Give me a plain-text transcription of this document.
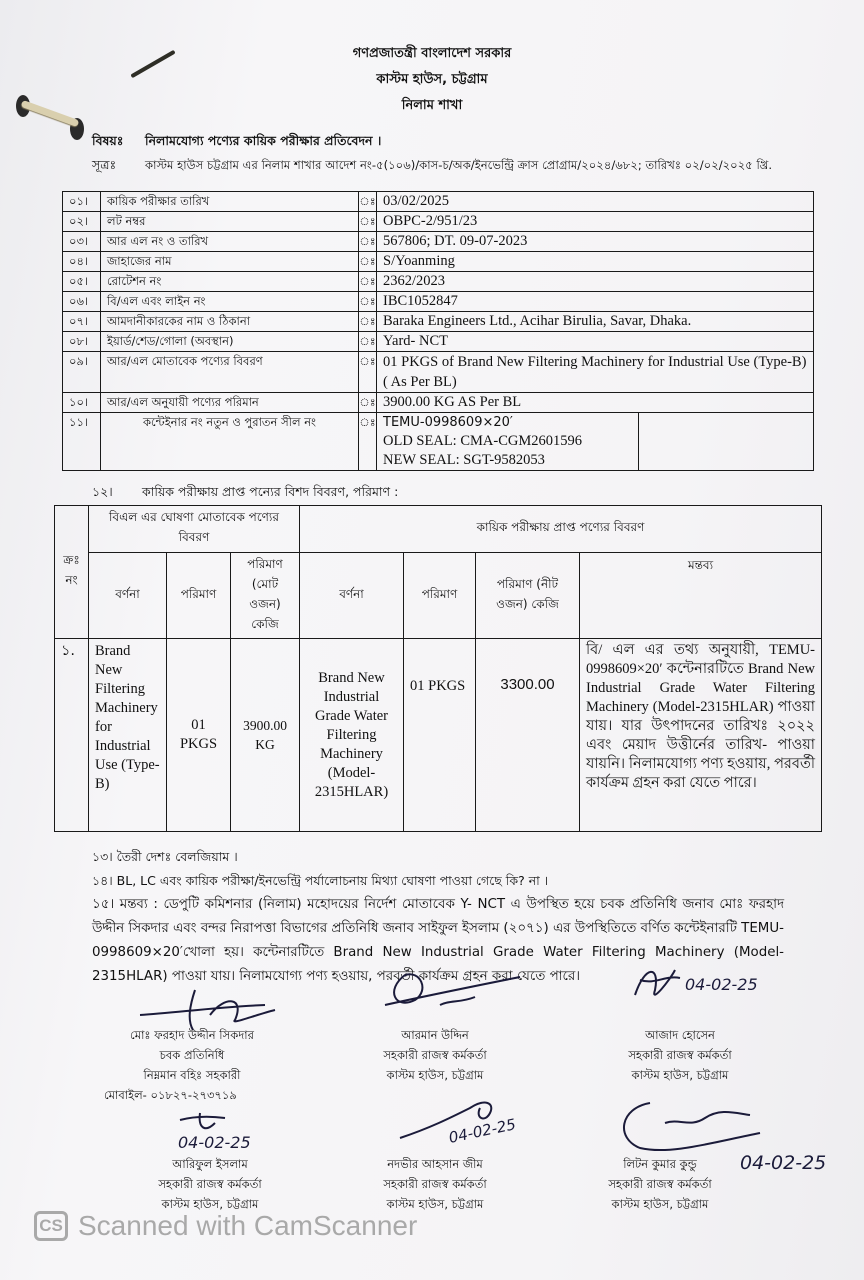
গণপ্রজাতন্ত্রী বাংলাদেশ সরকার
কাস্টম হাউস, চট্টগ্রাম
নিলাম শাখা
বিষয়ঃ নিলামযোগ্য পণ্যের কায়িক পরীক্ষার প্রতিবেদন ।
সূত্রঃ কাস্টম হাউস চট্টগ্রাম এর নিলাম শাখার আদেশ নং-৫(১০৬)/কাস-চ/অক/ইনভেন্ট্রি ক্রাস প্রোগ্রাম/২০২৪/৬৮২; তারিখঃ ০২/০২/২০২৫ খ্রি.
০১।	কায়িক পরীক্ষার তারিখ	ঃ	03/02/2025	
০২।	লট নম্বর	ঃ	OBPC-2/951/23	
০৩।	আর এল নং ও তারিখ	ঃ	567806; DT. 09-07-2023	
০৪।	জাহাজের নাম	ঃ	S/Yoanming	
০৫।	রোটেশন নং	ঃ	2362/2023	
০৬।	বি/এল এবং লাইন নং	ঃ	IBC1052847	
০৭।	আমদানীকারকের নাম ও ঠিকানা	ঃ	Baraka Engineers Ltd., Acihar Birulia, Savar, Dhaka.	
০৮।	ইয়ার্ড/শেড/গোলা (অবস্থান)	ঃ	Yard- NCT	
০৯।	আর/এল মোতাবেক পণ্যের বিবরণ	ঃ	01 PKGS of Brand New Filtering Machinery for Industrial Use (Type-B) ( As Per BL)	
১০।	আর/এল অনুযায়ী পণ্যের পরিমান	ঃ	3900.00 KG AS Per BL	
১১।	কন্টেইনার নং নতুন ও পুরাতন সীল নং	ঃ	TEMU-0998609×20′
OLD SEAL: CMA-CGM2601596
NEW SEAL: SGT-9582053	

১২। কায়িক পরীক্ষায় প্রাপ্ত পন্যের বিশদ বিবরণ, পরিমাণ :
ক্রঃ নং	বিএল এর ঘোষণা মোতাবেক পণ্যের বিবরণ			কায়িক পরীক্ষায় প্রাপ্ত পণ্যের বিবরণ			
	বর্ণনা	পরিমাণ	পরিমাণ (মোট ওজন) কেজি	বর্ণনা	পরিমাণ	পরিমাণ (নীট ওজন) কেজি	মন্তব্য
১.	Brand New Filtering Machinery for Industrial Use (Type-B)	01 PKGS	3900.00 KG	Brand New Industrial Grade Water Filtering Machinery (Model-2315HLAR)	01 PKGS	3300.00	বি/ এল এর তথ্য অনুযায়ী, TEMU-0998609×20′ কন্টেনারটিতে Brand New Industrial Grade Water Filtering Machinery (Model-2315HLAR) পাওয়া যায়। যার উৎপাদনের তারিখঃ ২০২২ এবং মেয়াদ উত্তীর্নের তারিখ- পাওয়া যায়নি। নিলামযোগ্য পণ্য হওয়ায়, পরবর্তী কার্যক্রম গ্রহন করা যেতে পারে।
১৩। তৈরী দেশঃ বেলজিয়াম ।
১৪। BL, LC এবং কায়িক পরীক্ষা/ইনভেন্ট্রি পর্যালোচনায় মিথ্যা ঘোষণা পাওয়া গেছে কি? না ।
১৫। মন্তব্য : ডেপুটি কমিশনার (নিলাম) মহোদয়ের নির্দেশ মোতাবেক Y- NCT এ উপস্থিত হয়ে চবক প্রতিনিধি জনাব মোঃ ফরহাদ উদ্দীন সিকদার এবং বন্দর নিরাপত্তা বিভাগের প্রতিনিধি জনাব সাইফুল ইসলাম (২০৭১) এর উপস্থিতিতে বর্ণিত কন্টেইনারটি TEMU-0998609×20′খোলা হয়। কন্টেনারটিতে Brand New Industrial Grade Water Filtering Machinery (Model-2315HLAR) পাওয়া যায়। নিলামযোগ্য পণ্য হওয়ায়, পরবর্তী কার্যক্রম গ্রহন করা যেতে পারে।	04-02-25
04-02-25	04-02-25
মোঃ ফরহাদ উদ্দীন সিকদার
চবক প্রতিনিধি
নিম্নমান বহিঃ সহকারী
মোবাইল- ০১৮২৭-২৭৩৭১৯
আরমান উদ্দিন
সহকারী রাজস্ব কর্মকর্তা
কাস্টম হাউস, চট্টগ্রাম
আজাদ হোসেন
সহকারী রাজস্ব কর্মকর্তা
কাস্টম হাউস, চট্টগ্রাম
আরিফুল ইসলাম
সহকারী রাজস্ব কর্মকর্তা
কাস্টম হাউস, চট্টগ্রাম
নদভীর আহসান জীম
সহকারী রাজস্ব কর্মকর্তা
কাস্টম হাউস, চট্টগ্রাম
লিটন কুমার কুন্ডু
সহকারী রাজস্ব কর্মকর্তা
কাস্টম হাউস, চট্টগ্রাম
04-02-25
CS Scanned with CamScanner
